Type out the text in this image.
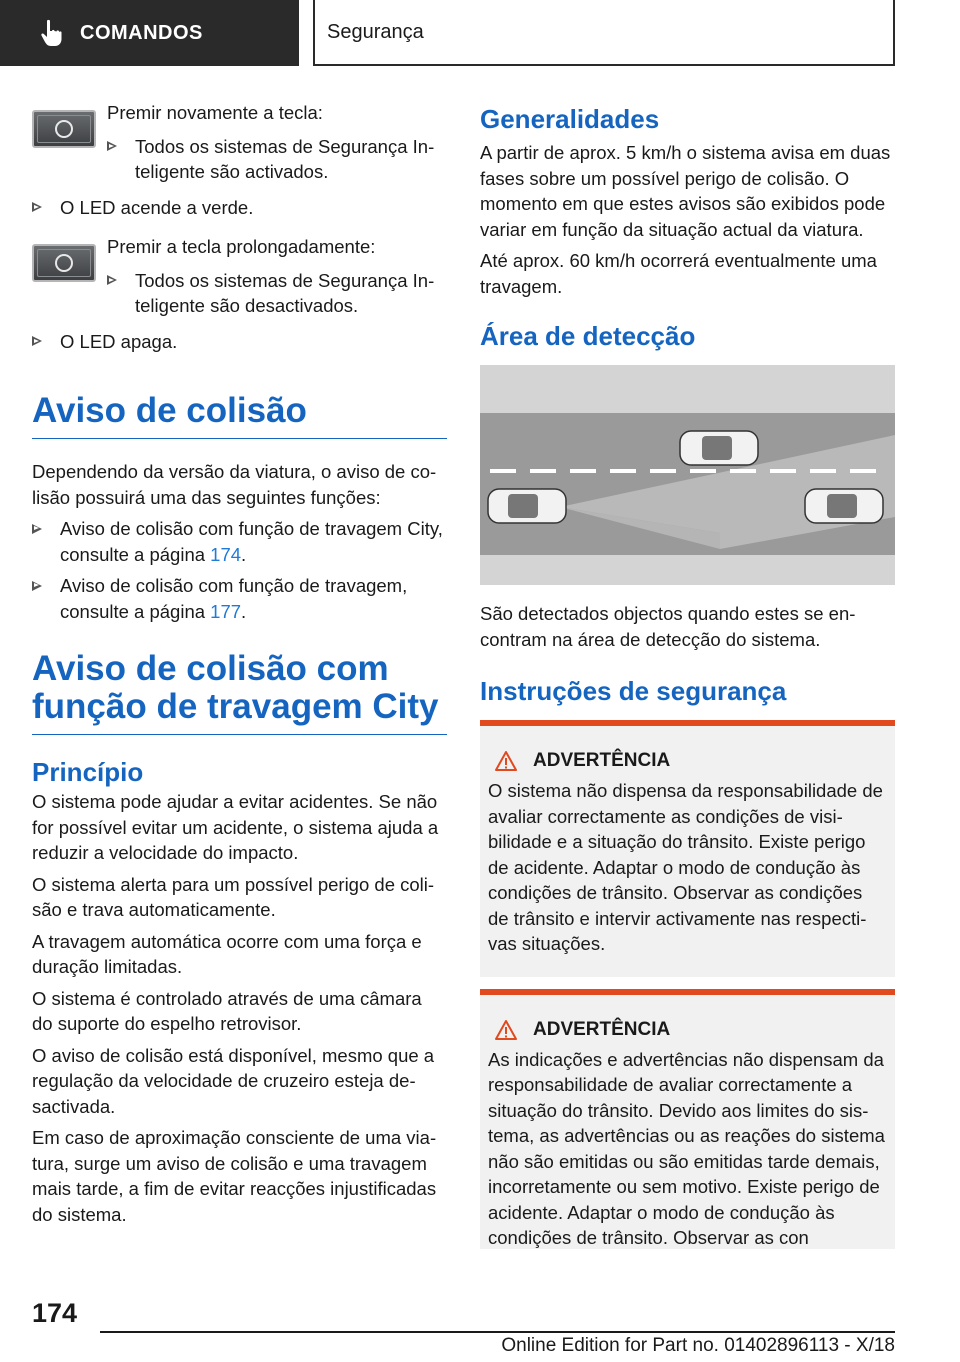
COMANDOS	Segurança

Premir novamente a tecla:

Todos os sistemas de Segurança Inteligente são activados.
O LED acende a verde.

Premir a tecla prolongadamente:

Todos os sistemas de Segurança Inteligente são desactivados.
O LED apaga.
Aviso de colisão

Dependendo da versão da viatura, o aviso de colisão possuirá uma das seguintes funções:

Aviso de colisão com função de travagem City, consulte a página 174.
Aviso de colisão com função de travagem, consulte a página 177.
Aviso de colisão com função de travagem City
Princípio

O sistema pode ajudar a evitar acidentes. Se não for possível evitar um acidente, o sistema ajuda a reduzir a velocidade do impacto.

O sistema alerta para um possível perigo de colisão e trava automaticamente.

A travagem automática ocorre com uma força e duração limitadas.

O sistema é controlado através de uma câmara do suporte do espelho retrovisor.

O aviso de colisão está disponível, mesmo que a regulação da velocidade de cruzeiro esteja desactivada.

Em caso de aproximação consciente de uma viatura, surge um aviso de colisão e uma travagem mais tarde, a fim de evitar reacções injustificadas do sistema.

Generalidades

A partir de aprox. 5 km/h o sistema avisa em duas fases sobre um possível perigo de colisão. O momento em que estes avisos são exibidos pode variar em função da situação actual da viatura.

Até aprox. 60 km/h ocorrerá eventualmente uma travagem.

Área de detecção

São detectados objectos quando estes se encontram na área de detecção do sistema.

Instruções de segurança
ADVERTÊNCIA

O sistema não dispensa da responsabilidade de avaliar correctamente as condições de visibilidade e a situação do trânsito. Existe perigo de acidente. Adaptar o modo de condução às condições de trânsito. Observar as condições de trânsito e intervir activamente nas respectivas situações.

ADVERTÊNCIA

As indicações e advertências não dispensam da responsabilidade de avaliar correctamente a situação do trânsito. Devido aos limites do sistema, as advertências ou as reações do sistema não são emitidas ou são emitidas tarde demais, incorretamente ou sem motivo. Existe perigo de acidente. Adaptar o modo de condução às condições de trânsito. Observar as con

174
Online Edition for Part no. 01402896113 - X/18
